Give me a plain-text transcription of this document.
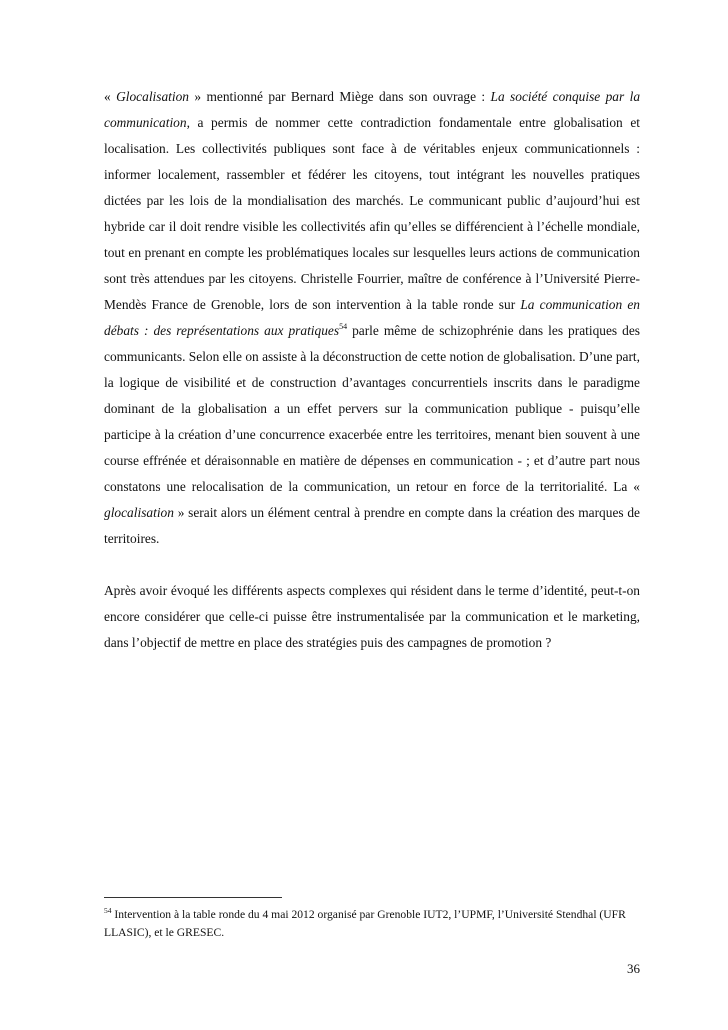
« Glocalisation » mentionné par Bernard Miège dans son ouvrage : La société conquise par la communication, a permis de nommer cette contradiction fondamentale entre globalisation et localisation. Les collectivités publiques sont face à de véritables enjeux communicationnels : informer localement, rassembler et fédérer les citoyens, tout intégrant les nouvelles pratiques dictées par les lois de la mondialisation des marchés. Le communicant public d’aujourd’hui est hybride car il doit rendre visible les collectivités afin qu’elles se différencient à l’échelle mondiale, tout en prenant en compte les problématiques locales sur lesquelles leurs actions de communication sont très attendues par les citoyens. Christelle Fourrier, maître de conférence à l’Université Pierre-Mendès France de Grenoble, lors de son intervention à la table ronde sur La communication en débats : des représentations aux pratiques$^{54}$ parle même de schizophrénie dans les pratiques des communicants. Selon elle on assiste à la déconstruction de cette notion de globalisation. D’une part, la logique de visibilité et de construction d’avantages concurrentiels inscrits dans le paradigme dominant de la globalisation a un effet pervers sur la communication publique - puisqu’elle participe à la création d’une concurrence exacerbée entre les territoires, menant bien souvent à une course effrénée et déraisonnable en matière de dépenses en communication - ; et d’autre part nous constatons une relocalisation de la communication, un retour en force de la territorialité. La « glocalisation » serait alors un élément central à prendre en compte dans la création des marques de territoires.

Après avoir évoqué les différents aspects complexes qui résident dans le terme d’identité, peut-t-on encore considérer que celle-ci puisse être instrumentalisée par la communication et le marketing, dans l’objectif de mettre en place des stratégies puis des campagnes de promotion ?

$^{54}$ Intervention à la table ronde du 4 mai 2012 organisé par Grenoble IUT2, l’UPMF, l’Université Stendhal (UFR LLASIC), et le GRESEC.
36
